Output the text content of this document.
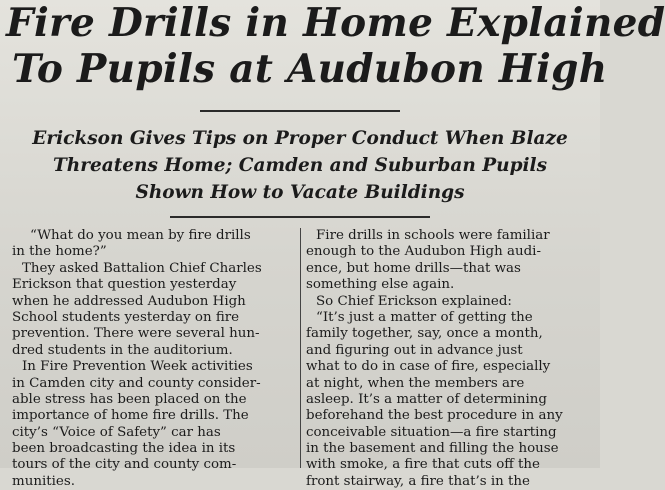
Fire Drills in Home Explained
To Pupils at Audubon High
Erickson Gives Tips on Proper Conduct When Blaze
Threatens Home; Camden and Suburban Pupils
Shown How to Vacate Buildings
“What do you mean by fire drills
in the home?”
They asked Battalion Chief Charles
Erickson that question yesterday
when he addressed Audubon High
School students yesterday on fire
prevention. There were several hun-
dred students in the auditorium.
In Fire Prevention Week activities
in Camden city and county consider-
able stress has been placed on the
importance of home fire drills. The
city’s “Voice of Safety” car has
been broadcasting the idea in its
tours of the city and county com-
munities.
Fire drills in schools were familiar
enough to the Audubon High audi-
ence, but home drills—that was
something else again.
So Chief Erickson explained:
“It’s just a matter of getting the
family together, say, once a month,
and figuring out in advance just
what to do in case of fire, especially
at night, when the members are
asleep. It’s a matter of determining
beforehand the best procedure in any
conceivable situation—a fire starting
in the basement and filling the house
with smoke, a fire that cuts off the
front stairway, a fire that’s in the
